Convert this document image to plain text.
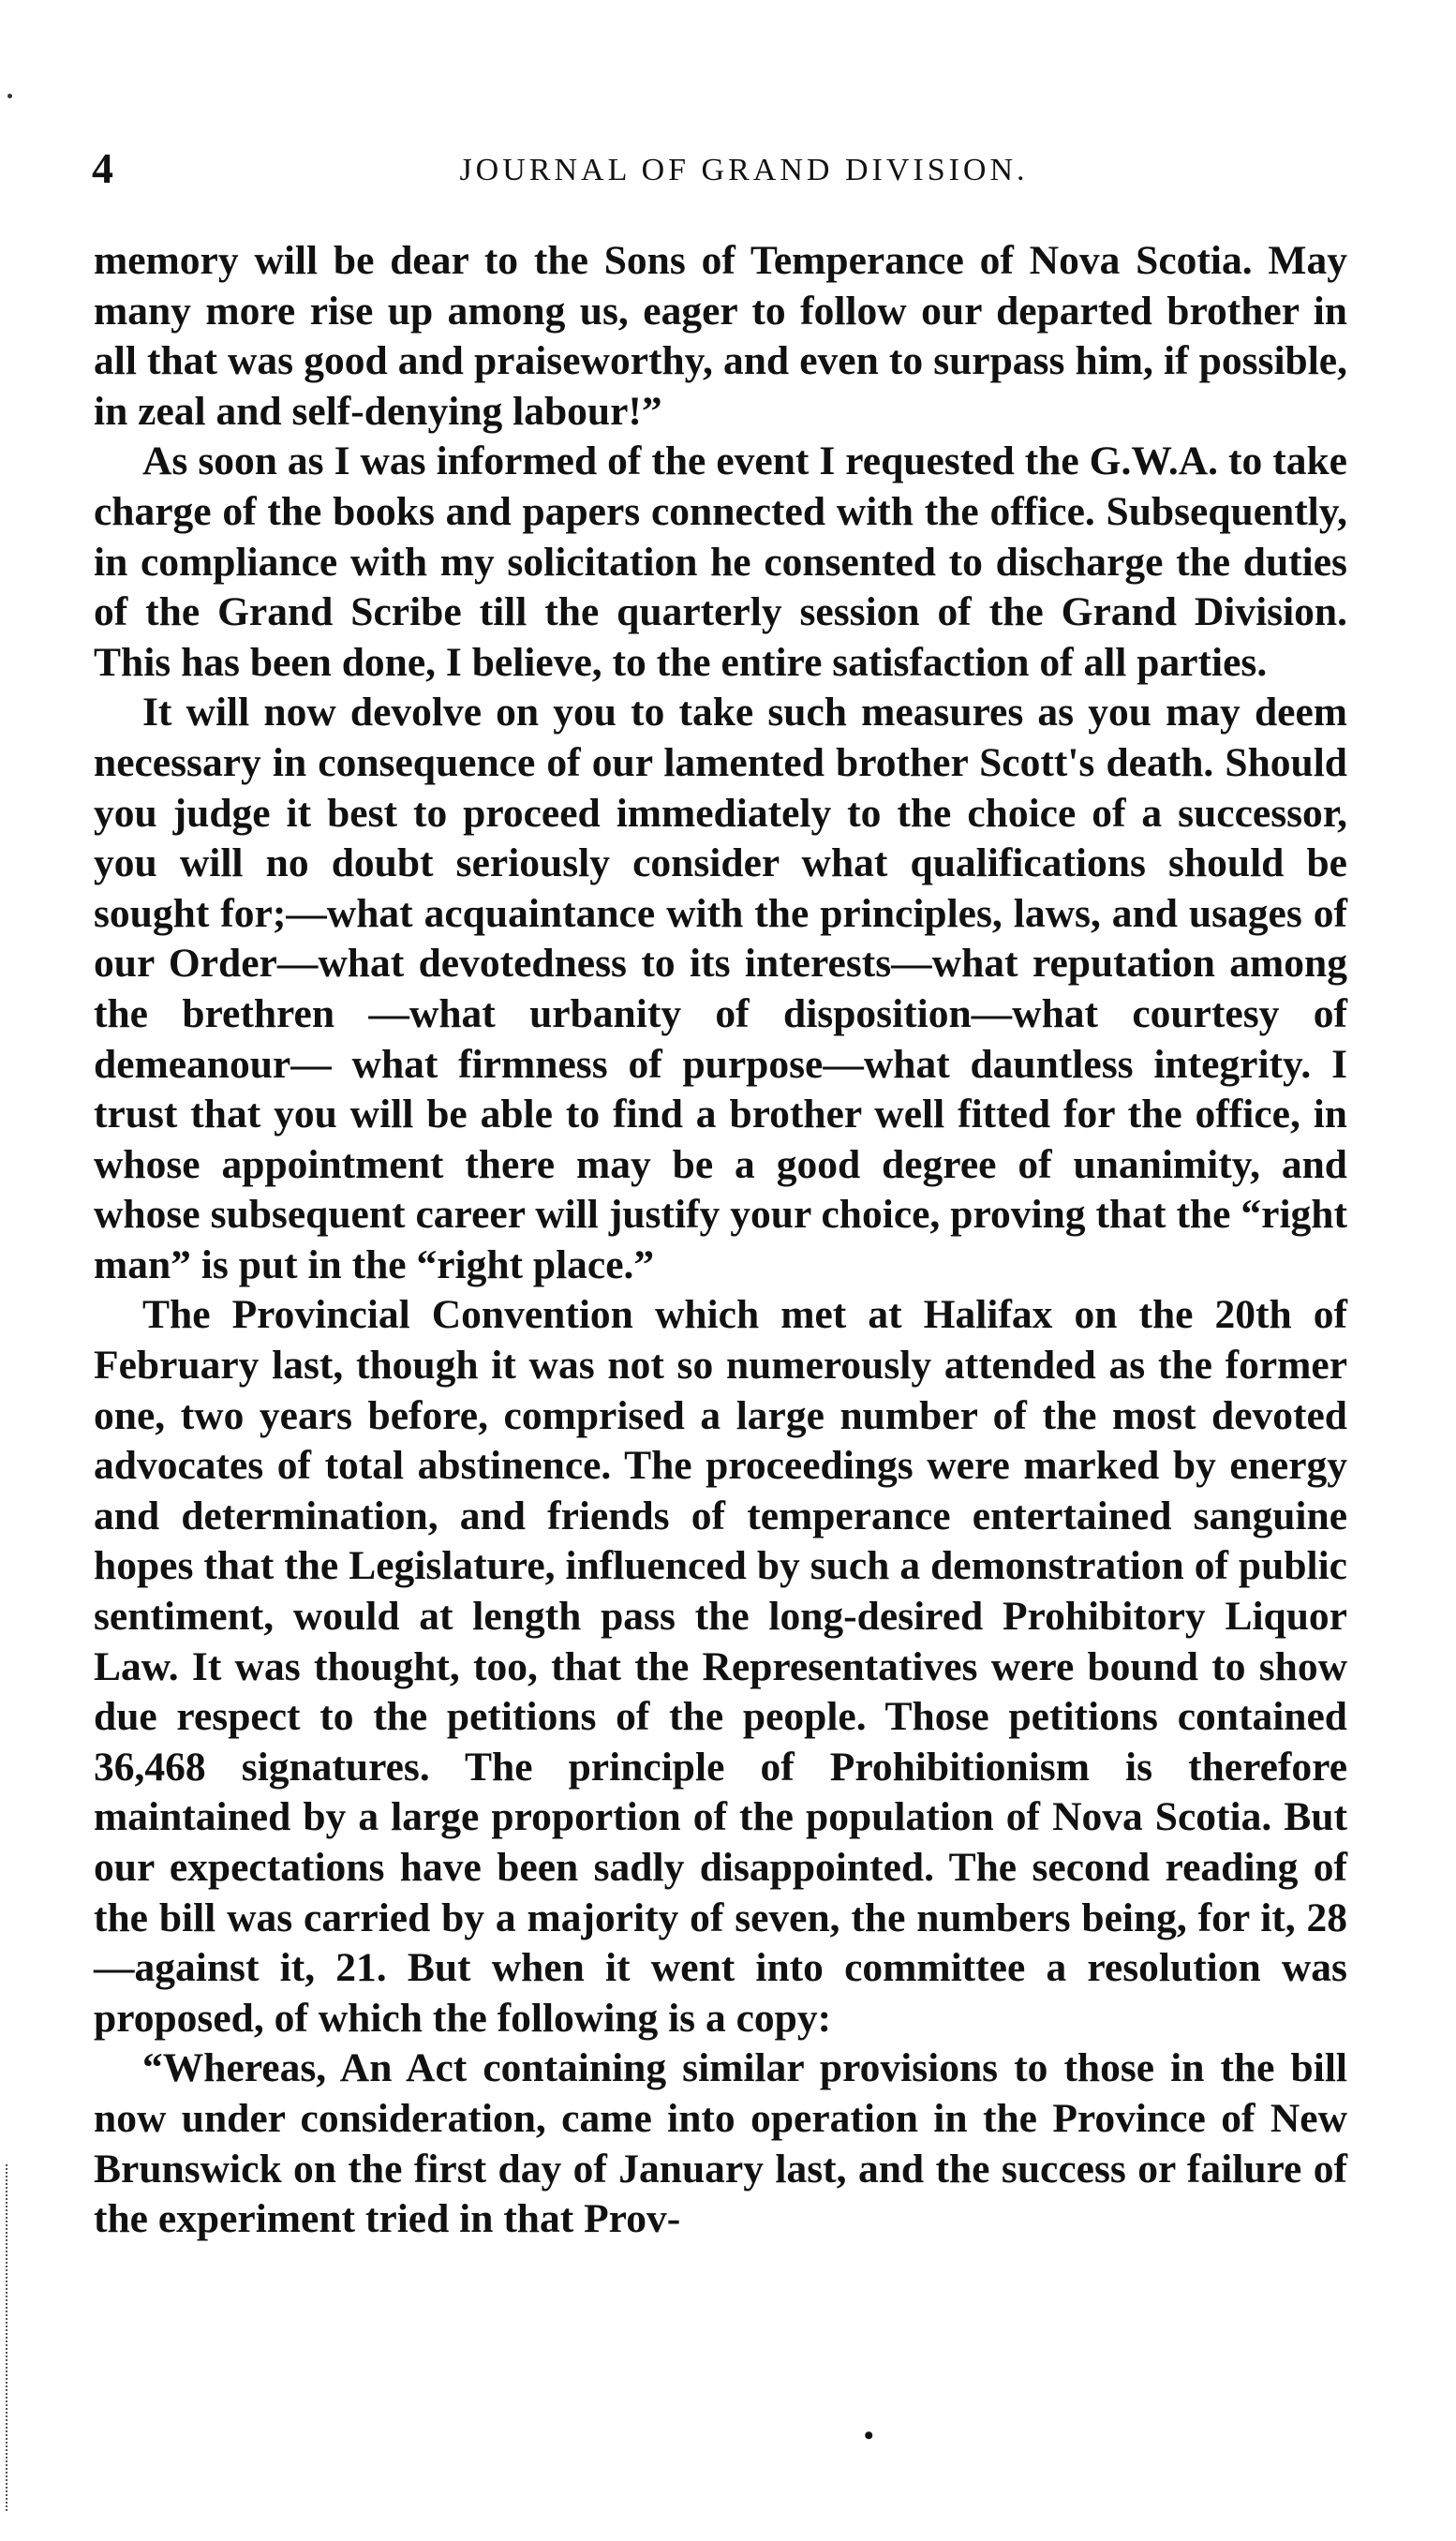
4	JOURNAL OF GRAND DIVISION.

memory will be dear to the Sons of Temperance of Nova Scotia. May many more rise up among us, eager to follow our departed brother in all that was good and praiseworthy, and even to surpass him, if possible, in zeal and self-denying labour!”

As soon as I was informed of the event I requested the G.W.A. to take charge of the books and papers connected with the office. Subsequently, in compliance with my solicitation he consented to discharge the duties of the Grand Scribe till the quarterly session of the Grand Division. This has been done, I believe, to the entire satisfaction of all parties.

It will now devolve on you to take such measures as you may deem necessary in consequence of our lamented brother Scott's death. Should you judge it best to proceed immediately to the choice of a successor, you will no doubt seriously consider what qualifications should be sought for;—what acquaintance with the principles, laws, and usages of our Order—what devotedness to its interests—what reputation among the brethren —what urbanity of disposition—what courtesy of demeanour— what firmness of purpose—what dauntless integrity. I trust that you will be able to find a brother well fitted for the office, in whose appointment there may be a good degree of unanimity, and whose subsequent career will justify your choice, proving that the “right man” is put in the “right place.”

The Provincial Convention which met at Halifax on the 20th of February last, though it was not so numerously attended as the former one, two years before, comprised a large number of the most devoted advocates of total abstinence. The proceedings were marked by energy and determination, and friends of temperance entertained sanguine hopes that the Legislature, influenced by such a demonstration of public sentiment, would at length pass the long-desired Prohibitory Liquor Law. It was thought, too, that the Representatives were bound to show due respect to the petitions of the people. Those petitions contained 36,468 signatures. The principle of Prohibitionism is therefore maintained by a large proportion of the population of Nova Scotia. But our expectations have been sadly disappointed. The second reading of the bill was carried by a majority of seven, the numbers being, for it, 28—against it, 21. But when it went into committee a resolution was proposed, of which the following is a copy:

“Whereas, An Act containing similar provisions to those in the bill now under consideration, came into operation in the Province of New Brunswick on the first day of January last, and the success or failure of the experiment tried in that Prov-

•
